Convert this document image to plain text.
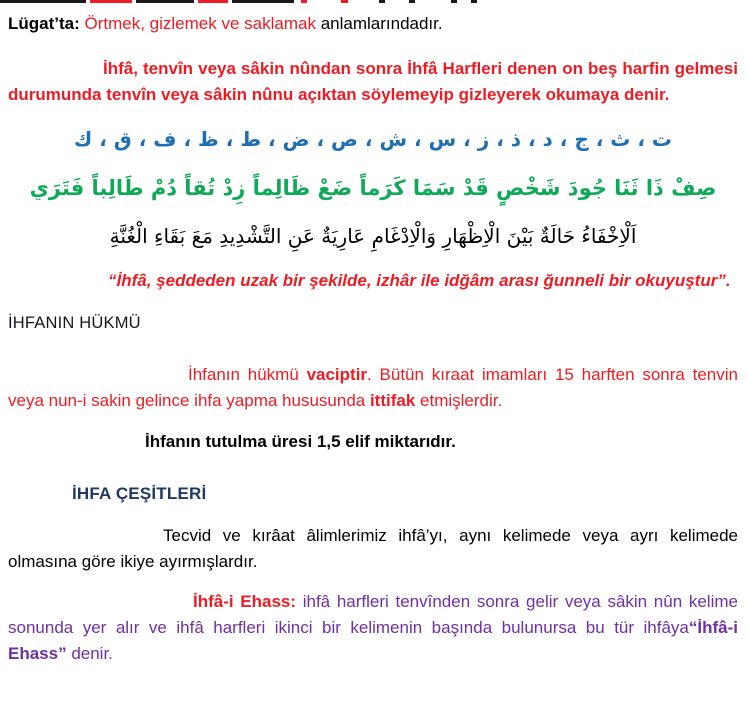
Lügat’ta: Örtmek, gizlemek ve saklamak anlamlarındadır.

İhfâ, tenvîn veya sâkin nûndan sonra İhfâ Harfleri denen on beş harfin gelmesi durumunda tenvîn veya sâkin nûnu açıktan söylemeyip gizleyerek okumaya denir.

ت ، ث ، ج ، د ، ذ ، ز ، س ، ش ، ص ، ض ، ط ، ظ ، ف ، ق ، ك

صِفْ ذَا ثَنَا جُودَ شَخْصٍ قَدْ سَمَا كَرَماً ضَعْ ظَالِماً زِدْ تُقاً دُمْ طَالِباً فَتَرَي

اَلْاِخْفَاءُ حَالَةٌ بَيْنَ الْاِظْهَارِ وَالْاِدْغَامِ عَارِيَةٌ عَنِ التَّشْدِيدِ مَعَ بَقَاءِ الْغُنَّةِ

“İhfâ, şeddeden uzak bir şekilde, izhâr ile idğâm arası ğunneli bir okuyuştur”.

İHFANIN HÜKMÜ

İhfanın hükmü vaciptir. Bütün kıraat imamları 15 harften sonra tenvin veya nun-i sakin gelince ihfa yapma hususunda ittifak etmişlerdir.

İhfanın tutulma üresi 1,5 elif miktarıdır.

İHFA ÇEŞİTLERİ

Tecvid ve kırâat âlimlerimiz ihfâ’yı, aynı kelimede veya ayrı kelimede olmasına göre ikiye ayırmışlardır.

İhfâ-i Ehass: ihfâ harfleri tenvînden sonra gelir veya sâkin nûn kelime sonunda yer alır ve ihfâ harfleri ikinci bir kelimenin başında bulunursa bu tür ihfâya“İhfâ-i Ehass” denir.
